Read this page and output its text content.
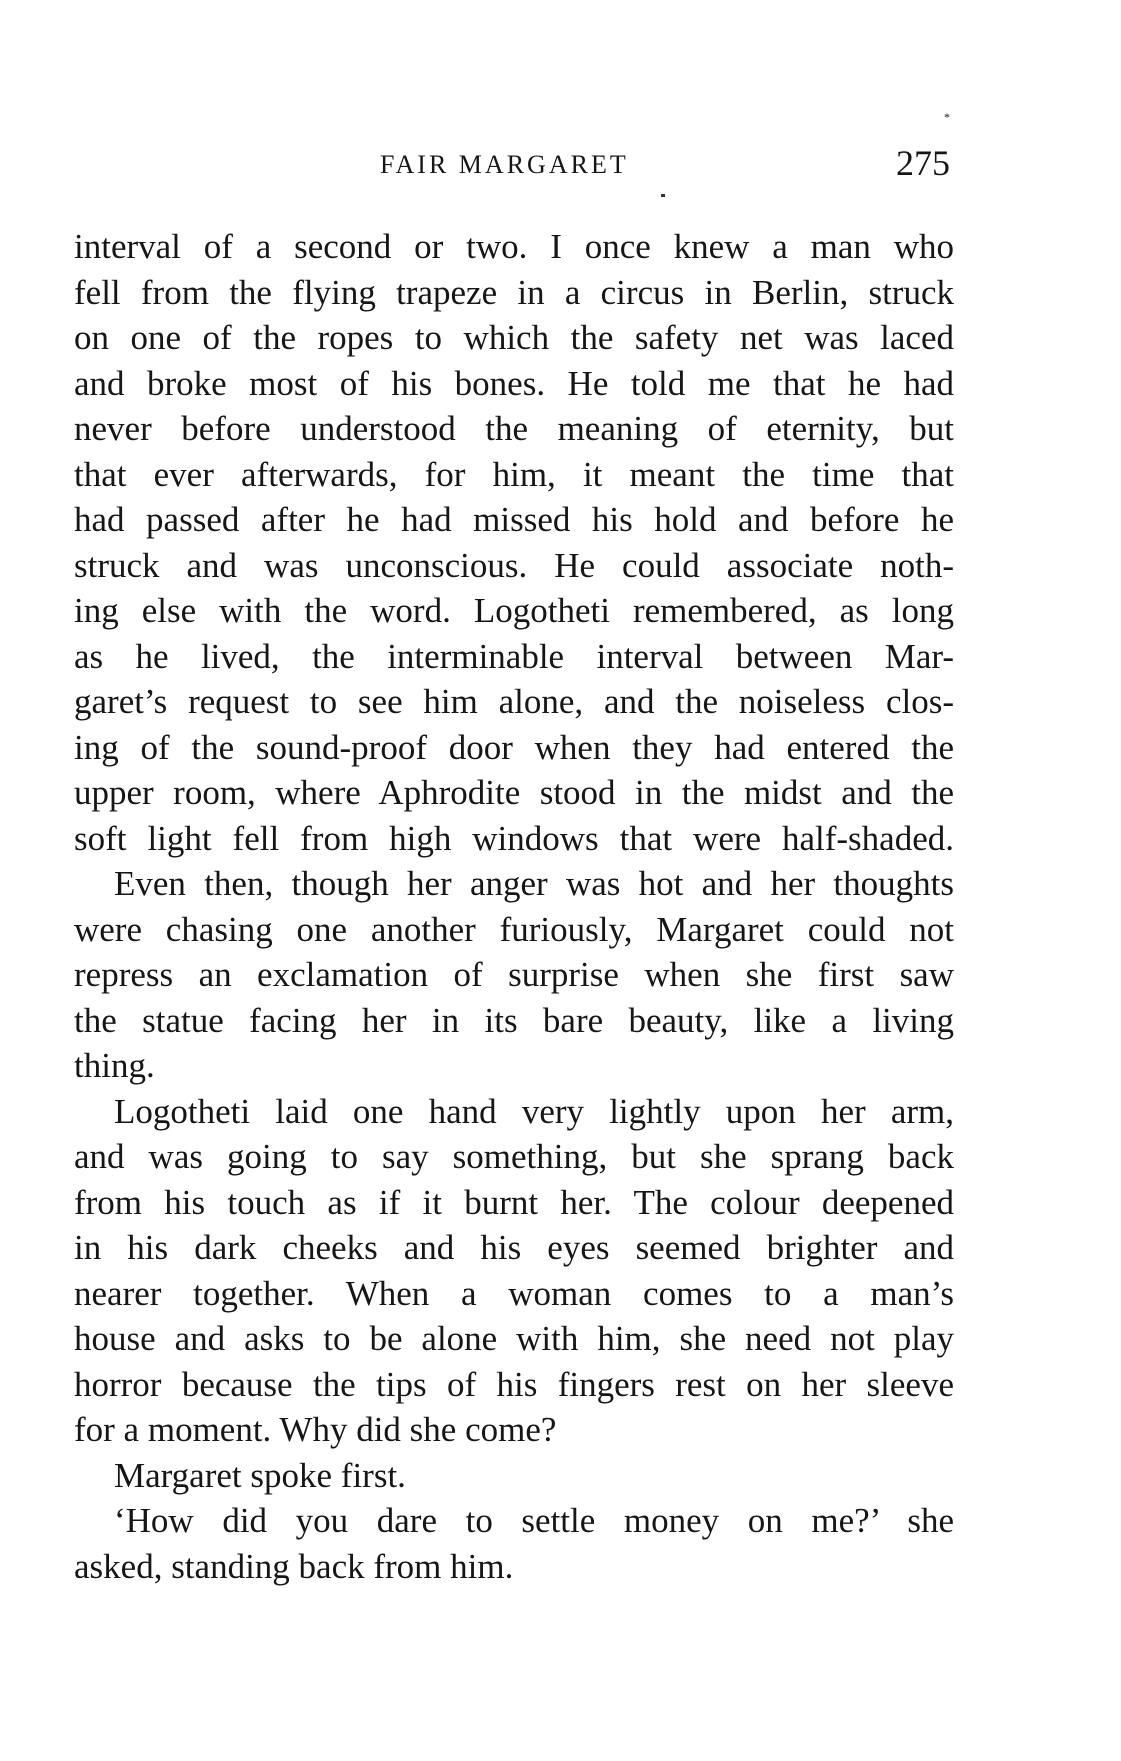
*
FAIR MARGARET	275
interval of a second or two. I once knew a man who
fell from the flying trapeze in a circus in Berlin, struck
on one of the ropes to which the safety net was laced
and broke most of his bones. He told me that he had
never before understood the meaning of eternity, but
that ever afterwards, for him, it meant the time that
had passed after he had missed his hold and before he
struck and was unconscious. He could associate noth-
ing else with the word. Logotheti remembered, as long
as he lived, the interminable interval between Mar-
garet’s request to see him alone, and the noiseless clos-
ing of the sound-proof door when they had entered the
upper room, where Aphrodite stood in the midst and the
soft light fell from high windows that were half-shaded.
Even then, though her anger was hot and her thoughts
were chasing one another furiously, Margaret could not
repress an exclamation of surprise when she first saw
the statue facing her in its bare beauty, like a living
thing.
Logotheti laid one hand very lightly upon her arm,
and was going to say something, but she sprang back
from his touch as if it burnt her. The colour deepened
in his dark cheeks and his eyes seemed brighter and
nearer together. When a woman comes to a man’s
house and asks to be alone with him, she need not play
horror because the tips of his fingers rest on her sleeve
for a moment. Why did she come?
Margaret spoke first.
‘How did you dare to settle money on me?’ she
asked, standing back from him.
